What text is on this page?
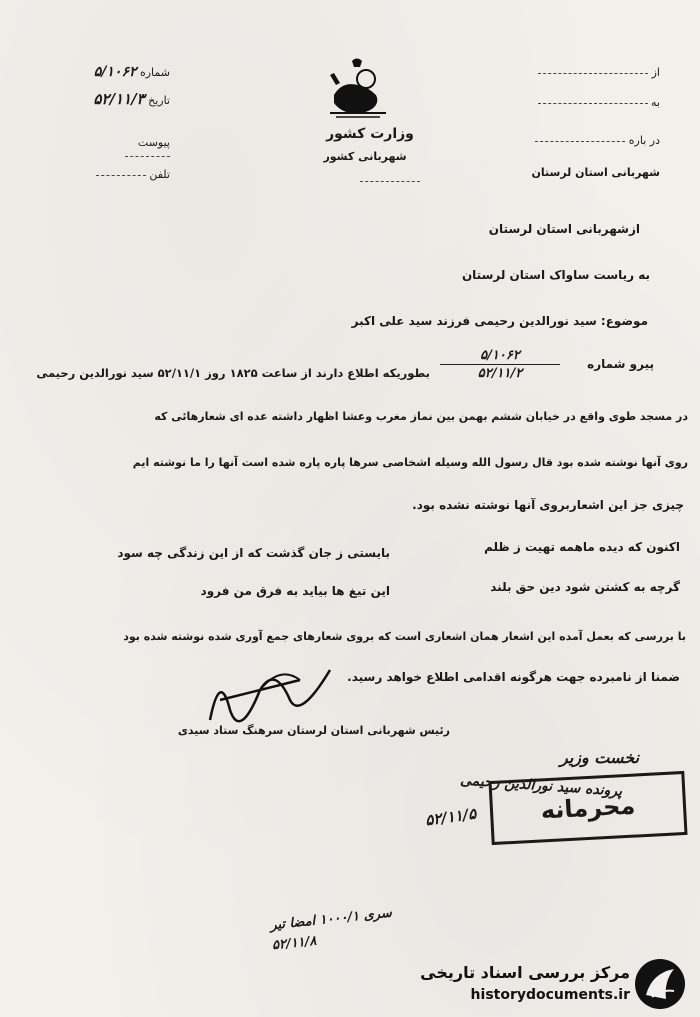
شماره ۵/۱۰۶۲
تاریخ ۵۲/۱۱/۳
پیوست
تلفن
وزارت کشور
شهربانی کشور
از
به
در باره
شهربانی استان لرستان
ازشهربانی استان لرستان
به ریاست ساواک استان لرستان
موضوع: سید نورالدین رحیمی فرزند سید علی اکبر
پیرو شماره
۵/۱۰۶۲
۵۲/۱۱/۲
بطوریکه اطلاع دارند از ساعت ۱۸۲۵ روز ۵۲/۱۱/۱ سید نورالدین رحیمی
در مسجد طوی واقع در خیابان ششم بهمن بین نماز مغرب وعشا اظهار داشته عده ای شعارهائی که
روی آنها نوشته شده بود قال رسول الله وسیله اشخاصی سرها پاره پاره شده است آنها را ما نوشته ایم
چیزی جز این اشعاربروی آنها نوشته نشده بود.
اکنون که دیده ماهمه تهیت ز ظلم
بایستی ز جان گذشت که از این زندگی چه سود
گرچه به کشتن شود دین حق بلند
این تیغ ها بیاید به فرق من فرود
با بررسی که بعمل آمده این اشعار همان اشعاری است که بروی شعارهای جمع آوری شده نوشته شده بود
ضمنا از نامبرده جهت هرگونه اقدامی اطلاع خواهد رسید.
رئیس شهربانی استان لرستان سرهنگ ستاد سیدی
نخست وزیر
پرونده سید نورالدین رحیمی
۵۲/۱۱/۵	محرمانه
سری ۱۰۰۰/۱ امضا تیر
۵۲/۱۱/۸
مرکز بررسی اسناد تاریخی
historydocuments.ir
